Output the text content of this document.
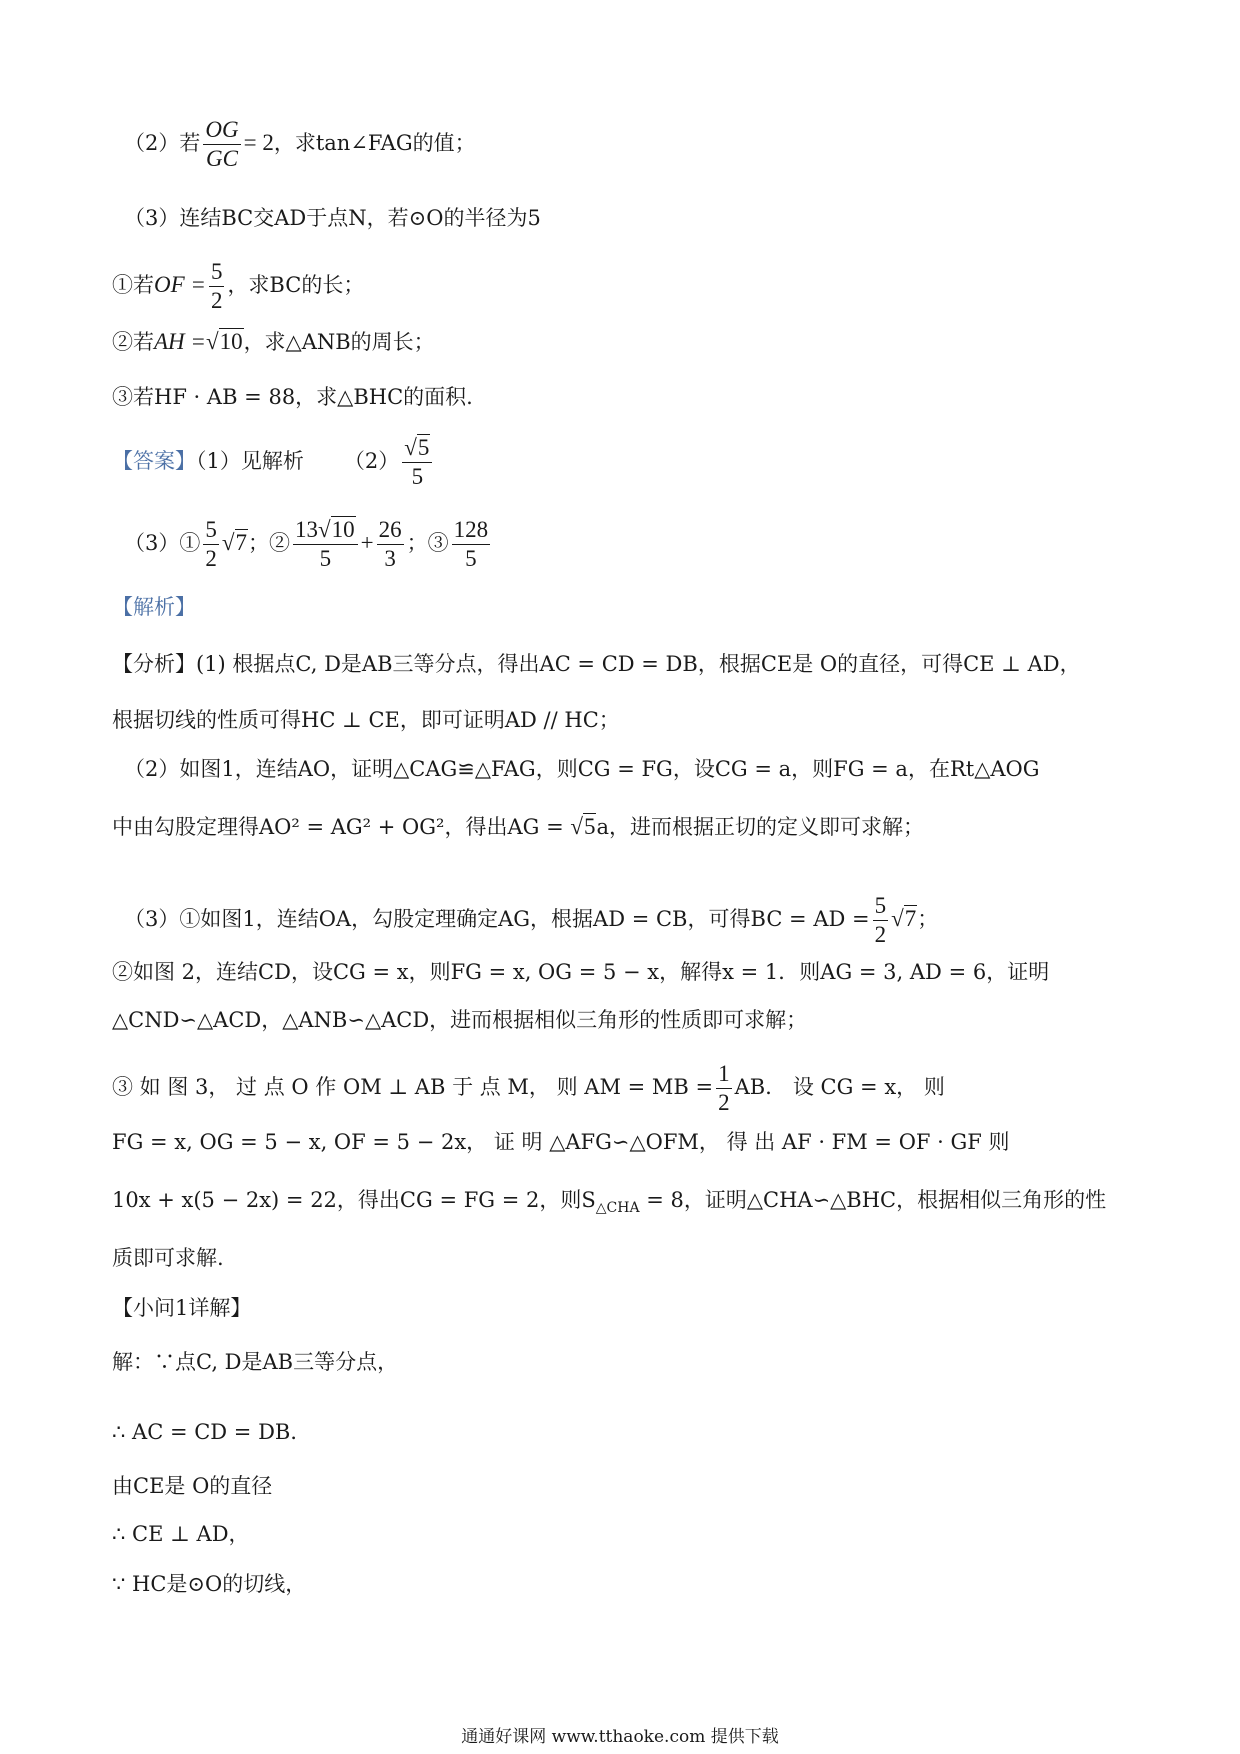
（2）若 $\frac{OG}{GC} = 2$，求tan∠FAG的值；
（3）连结BC交AD于点N，若⊙O的半径为5
①若OF = $\frac{5}{2}$ ，求BC的长；
②若AH =√10，求△ANB的周长；
③若HF · AB = 88，求△BHC的面积.
【答案】（1）见解析 $(2) \frac{√5}{5}$
（3）① $\frac{5}{2} √7$；② $\frac{13√10}{5} + \frac{26}{3}$ ；③ $\frac{128}{5}$
【解析】
【分析】(1) 根据点C, D是AB三等分点，得出AC = CD = DB，根据CE是 O的直径，可得CE ⊥ AD，
根据切线的性质可得HC ⊥ CE，即可证明AD // HC；
（2）如图1，连结AO，证明△CAG≌△FAG，则CG = FG，设CG = a，则FG = a，在Rt△AOG
中由勾股定理得AO² = AG² + OG²，得出AG = √5a，进而根据正切的定义即可求解；
（3）①如图1，连结OA，勾股定理确定AG，根据AD = CB，可得BC = AD = $\frac{5}{2} √7$；
②如图 2，连结CD，设CG = x，则FG = x, OG = 5 − x，解得x = 1．则AG = 3, AD = 6，证明
△CND∽△ACD，△ANB∽△ACD，进而根据相似三角形的性质即可求解；
③ 如 图 3， 过 点 O 作 OM ⊥ AB 于 点 M， 则 AM = MB = $\frac{1}{2}$ AB． 设 CG = x， 则
FG = x, OG = 5 − x, OF = 5 − 2x， 证 明 △AFG∽△OFM， 得 出 AF · FM = OF · GF 则
10x + x(5 − 2x) = 22，得出CG = FG = 2，则$S_{\triangle CHA} = 8$，证明△CHA∽△BHC，根据相似三角形的性
质即可求解.
【小问1详解】
解：∵点C, D是AB三等分点，
∴ AC = CD = DB．
由CE是 O的直径
∴ CE ⊥ AD，
∵ HC是⊙O的切线，
通通好课网 www.tthaoke.com 提供下载
